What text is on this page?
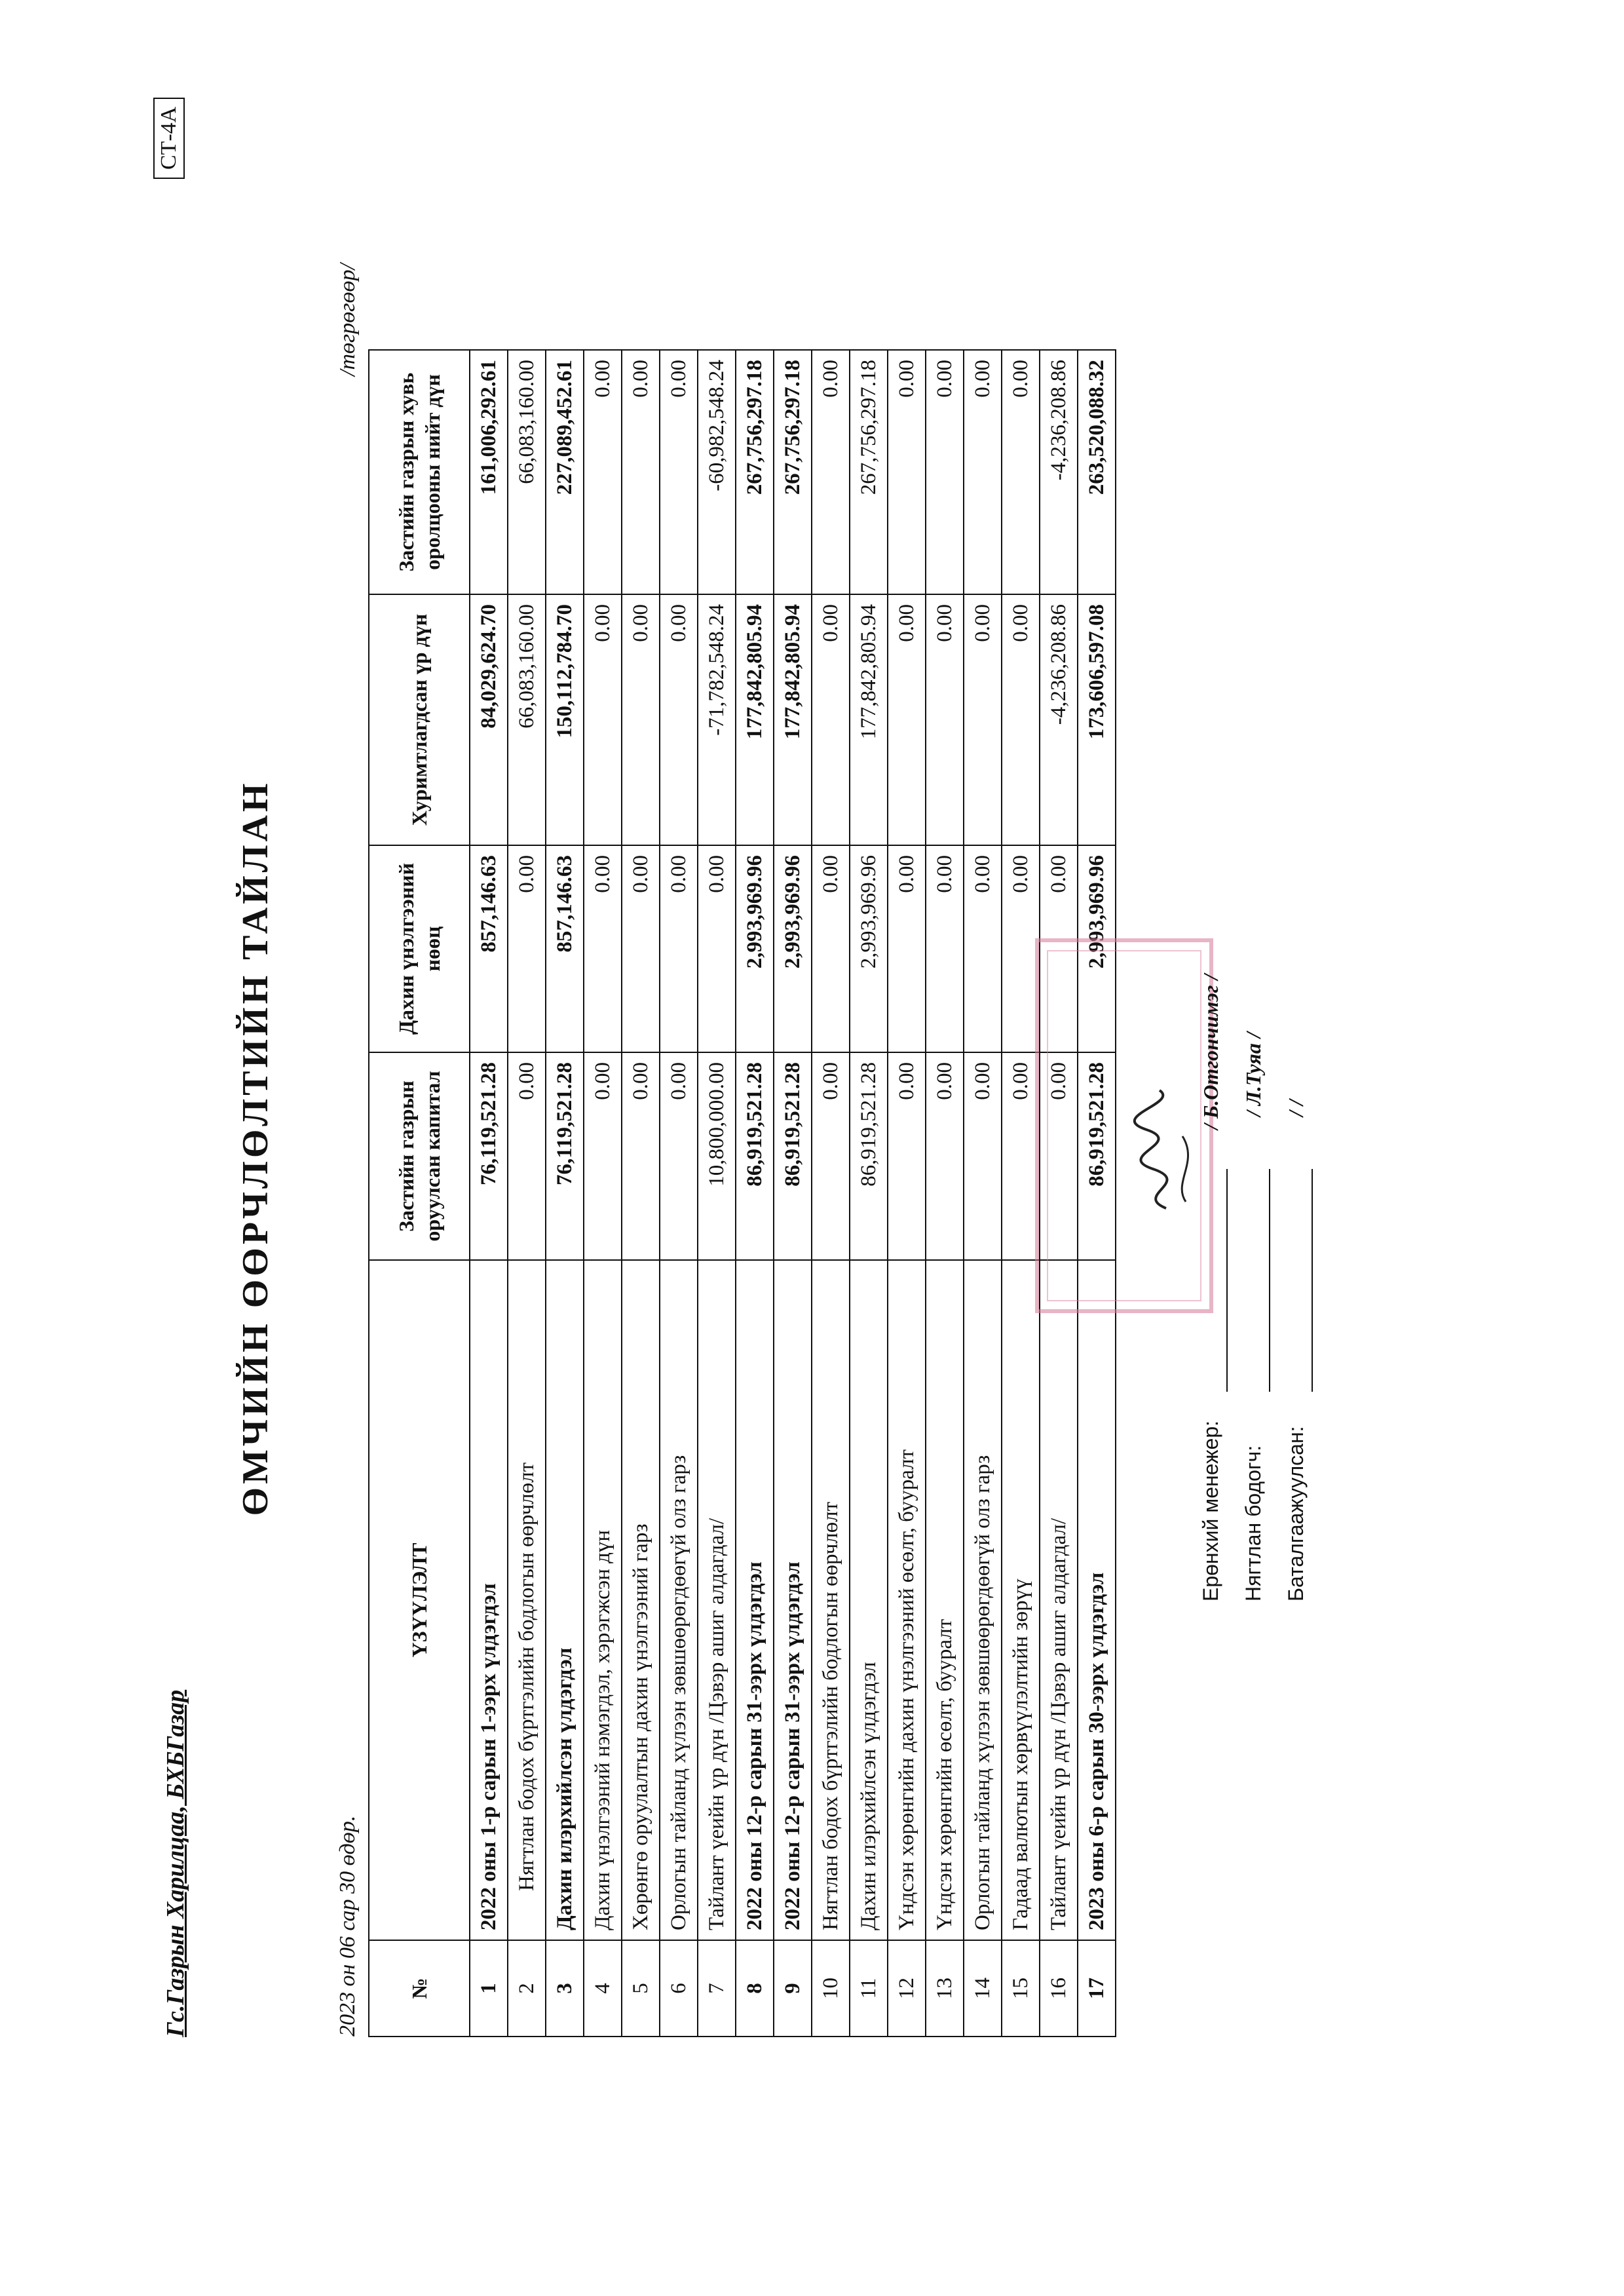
Гс.Газрын Харилцаа, БХБГазар
СТ-4А
ӨМЧИЙН ӨӨРЧЛӨЛТИЙН ТАЙЛАН
2023 он 06 сар 30 өдөр.
/төгрөгөөр/
№	ҮЗҮҮЛЭЛТ	Застийн газрын оруулсан капитал	Дахин үнэлгээний нөөц	Хуримтлагдсан үр дүн	Застийн газрын хувь оролцооны нийт дүн
1	2022 оны 1-р сарын 1-ээрх үлдэгдэл	76,119,521.28	857,146.63	84,029,624.70	161,006,292.61
2	Нягтлан бодох бүртгэлийн бодлогын өөрчлөлт	0.00	0.00	66,083,160.00	66,083,160.00
3	Дахин илэрхийлсэн үлдэгдэл	76,119,521.28	857,146.63	150,112,784.70	227,089,452.61
4	Дахин үнэлгээний нэмэгдэл, хэрэгжсэн дүн	0.00	0.00	0.00	0.00
5	Хөрөнгө оруулалтын дахин үнэлгээний гарз	0.00	0.00	0.00	0.00
6	Орлогын тайланд хүлээн зөвшөөрөгдөөгүй олз гарз	0.00	0.00	0.00	0.00
7	Тайлант үеийн үр дүн /Цэвэр ашиг алдагдал/	10,800,000.00	0.00	-71,782,548.24	-60,982,548.24
8	2022 оны 12-р сарын 31-ээрх үлдэгдэл	86,919,521.28	2,993,969.96	177,842,805.94	267,756,297.18
9	2022 оны 12-р сарын 31-ээрх үлдэгдэл	86,919,521.28	2,993,969.96	177,842,805.94	267,756,297.18
10	Нягтлан бодох бүртгэлийн бодлогын өөрчлөлт	0.00	0.00	0.00	0.00
11	Дахин илэрхийлсэн үлдэгдэл	86,919,521.28	2,993,969.96	177,842,805.94	267,756,297.18
12	Үндсэн хөрөнгийн дахин үнэлгээний өсөлт, бууралт	0.00	0.00	0.00	0.00
13	Үндсэн хөрөнгийн өсөлт, бууралт	0.00	0.00	0.00	0.00
14	Орлогын тайланд хүлээн зөвшөөрөгдөөгүй олз гарз	0.00	0.00	0.00	0.00
15	Гадаад валютын хөрвүүлэлтийн зөрүү	0.00	0.00	0.00	0.00
16	Тайлант үеийн үр дүн /Цэвэр ашиг алдагдал/	0.00	0.00	-4,236,208.86	-4,236,208.86
17	2023 оны 6-р сарын 30-ээрх үлдэгдэл	86,919,521.28	2,993,969.96	173,606,597.08	263,520,088.32
Ерөнхий менежер:
/ Б.Отгончимэг /
Нягтлан бодогч:
/ Л.Туяа /
Баталгаажуулсан:
/ /
